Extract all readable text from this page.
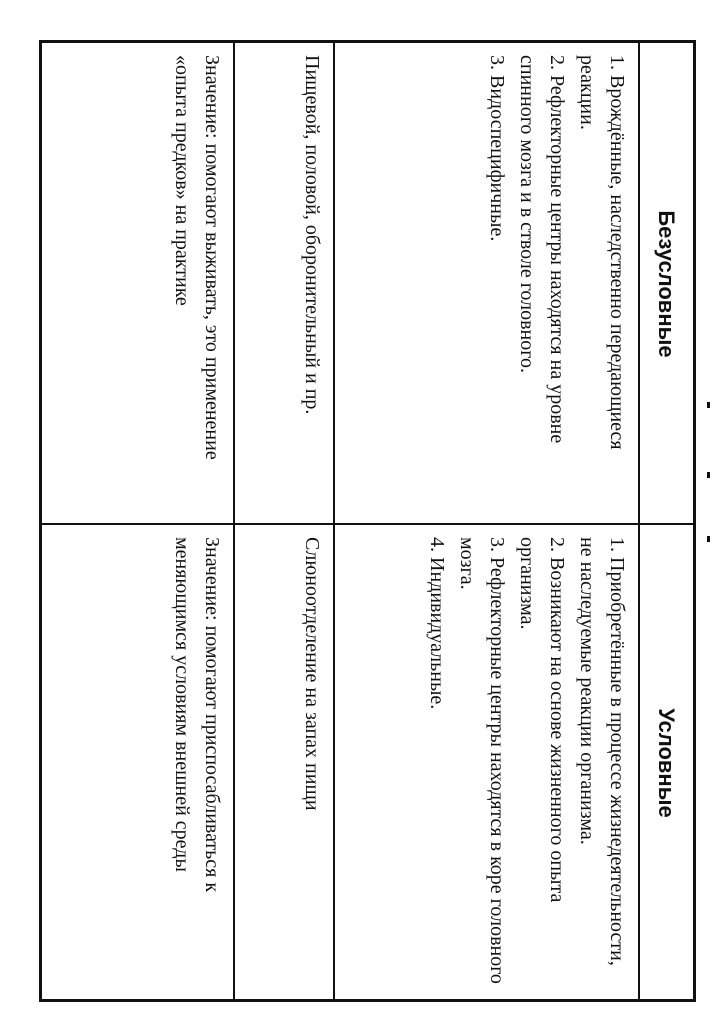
Безусловные
Условные
1. Врождённые, наследственно передающиеся реакции.
2. Рефлекторные центры находятся на уровне спинного мозга и в стволе головного.
3. Видоспецифичные.
1. Приобретённые в процессе жизнедеятельности, не наследуемые реакции организма.
2. Возникают на основе жизненного опыта организма.
3. Рефлекторные центры находятся в коре головного мозга.
4. Индивидуальные.
Пищевой, половой, оборонительный и пр.
Слюноотделение на запах пищи
Значение: помогают выживать, это применение «опыта предков» на практике
Значение: помогают приспосабливаться к меняющимся условиям внешней среды
